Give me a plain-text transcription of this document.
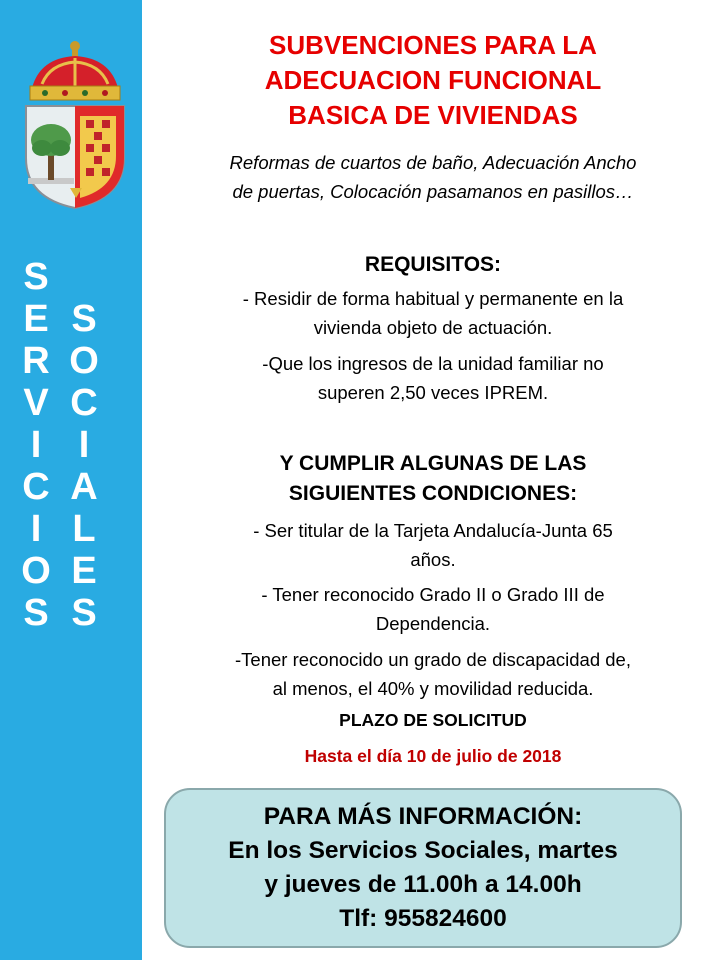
S
E
R
V
I
C
I
O
S
S
O
C
I
A
L
E
S
SUBVENCIONES PARA LA
ADECUACION FUNCIONAL
BASICA DE VIVIENDAS
Reformas de cuartos de baño, Adecuación Ancho
de puertas, Colocación pasamanos en pasillos…
REQUISITOS:
- Residir de forma habitual y permanente en la
vivienda objeto de actuación.
-Que los ingresos de la unidad familiar no
superen 2,50 veces IPREM.
Y CUMPLIR ALGUNAS DE LAS
SIGUIENTES CONDICIONES:
- Ser titular de la Tarjeta Andalucía-Junta 65
años.
- Tener reconocido Grado II o Grado III de
Dependencia.
-Tener reconocido un grado de discapacidad de,
al menos, el 40% y movilidad reducida.
PLAZO DE SOLICITUD
Hasta el día 10 de julio de 2018
PARA MÁS INFORMACIÓN:
En los Servicios Sociales, martes
y jueves de 11.00h a 14.00h
Tlf: 955824600
